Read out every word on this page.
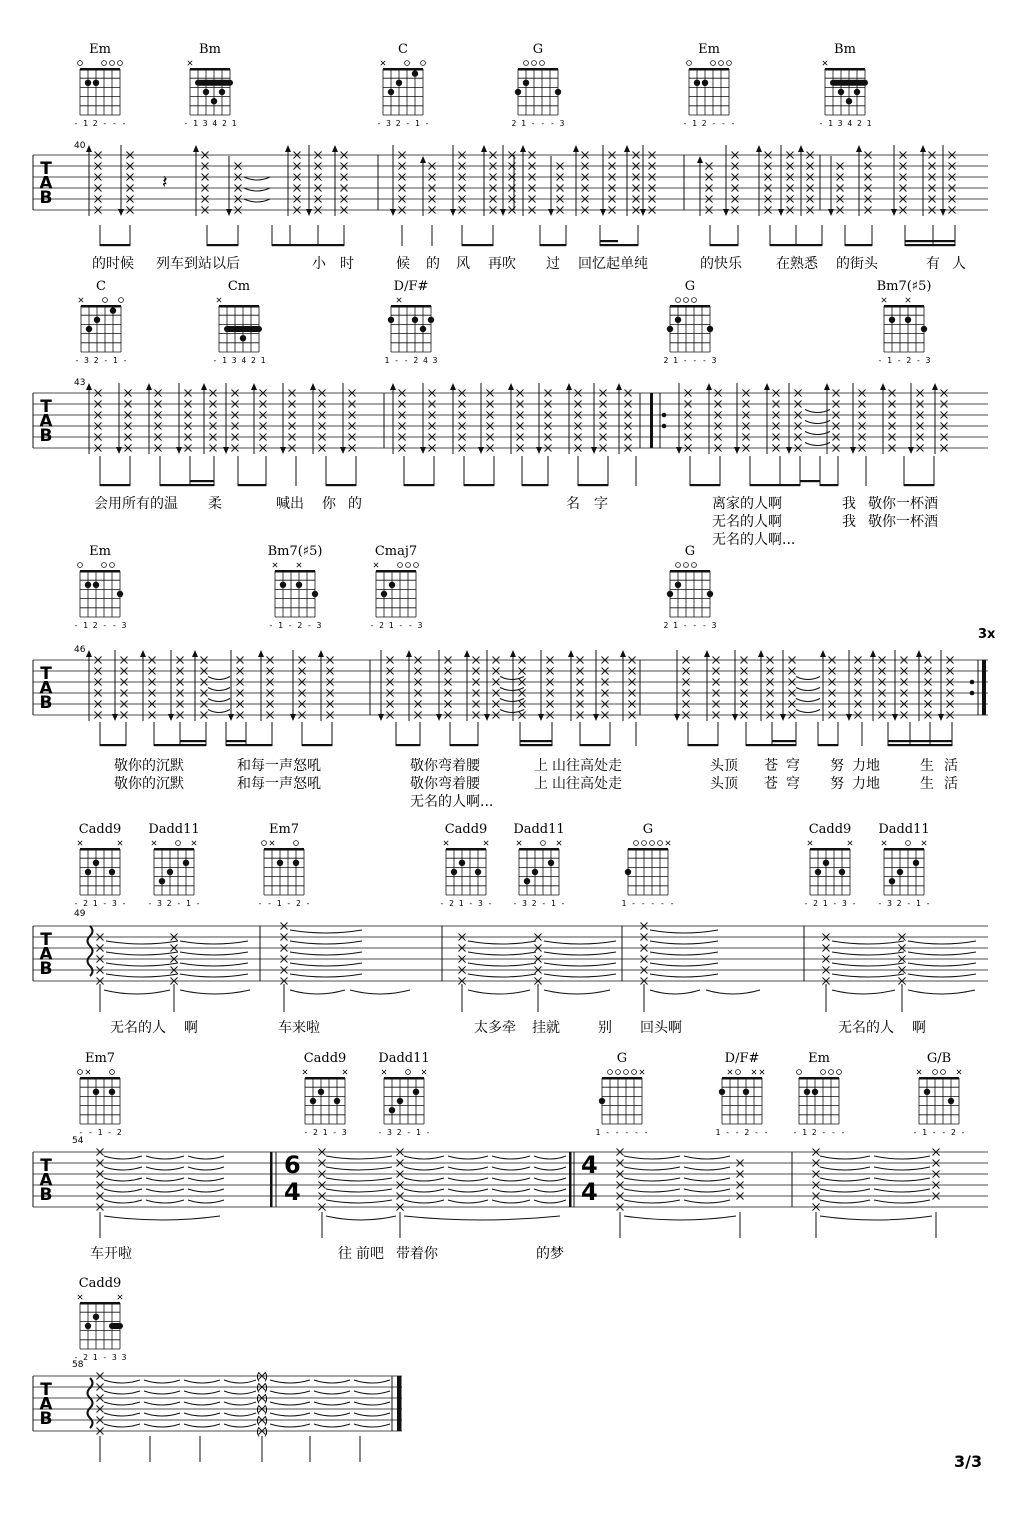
Em
- 1 2 - - -
Bm
- 1 3 4 2 1
C
- 3 2 - 1 -
G
2 1 - - - 3
Em
- 1 2 - - -
Bm
- 1 3 4 2 1
T
A
B
𝄽
40
的时候 列车到站以后	小 时	候 的 风 再吹 过 回忆起单纯	的快乐 在熟悉 的街头	有 人
C
- 3 2 - 1 -
Cm
- 1 3 4 2 1
D/F#
1 - - 2 4 3
G
2 1 - - - 3
Bm7(♯5)
- 1 - 2 - 3
T
A
B
43
会用所有的温 柔	喊出 你 的	名 字	离家的人啊	我 敬你一杯酒
无名的人啊	我 敬你一杯酒
无名的人啊...
Em
- 1 2 - - 3
Bm7(♯5)
- 1 - 2 - 3
Cmaj7
- 2 1 - - 3
G
2 1 - - - 3
T
A
B
46
3x
敬你的沉默	和每一声怒吼	敬你弯着腰	上 山往高处走	头顶 苍 穹 努 力地	生 活
敬你的沉默	和每一声怒吼	敬你弯着腰	上 山往高处走	头顶 苍 穹 努 力地	生 活
无名的人啊...
Cadd9
- 2 1 - 3 -
Dadd11
- 3 2 - 1 -
Em7
- - 1 - 2 -
Cadd9
- 2 1 - 3 -
Dadd11
- 3 2 - 1 -
G
1 - - - - -
Cadd9
- 2 1 - 3 -
Dadd11
- 3 2 - 1 -
T
A
B
49
无名的人 啊	车来啦	太多牵 挂就	别 回头啊	无名的人 啊
Em7
- - 1 - 2
Cadd9
- 2 1 - 3
Dadd11
- 3 2 - 1 -
G
1 - - - - -
D/F#
1 - - 2 - -
Em
- 1 2 - - -
G/B
- 1 - - 2 -
T
A
B
54
6
4
4
4
车开啦	往 前吧 带着你	的梦
Cadd9
- 2 1 - 3 3
T
A
B
( )
( )
( )
( )
( )
( )
58
3/3
